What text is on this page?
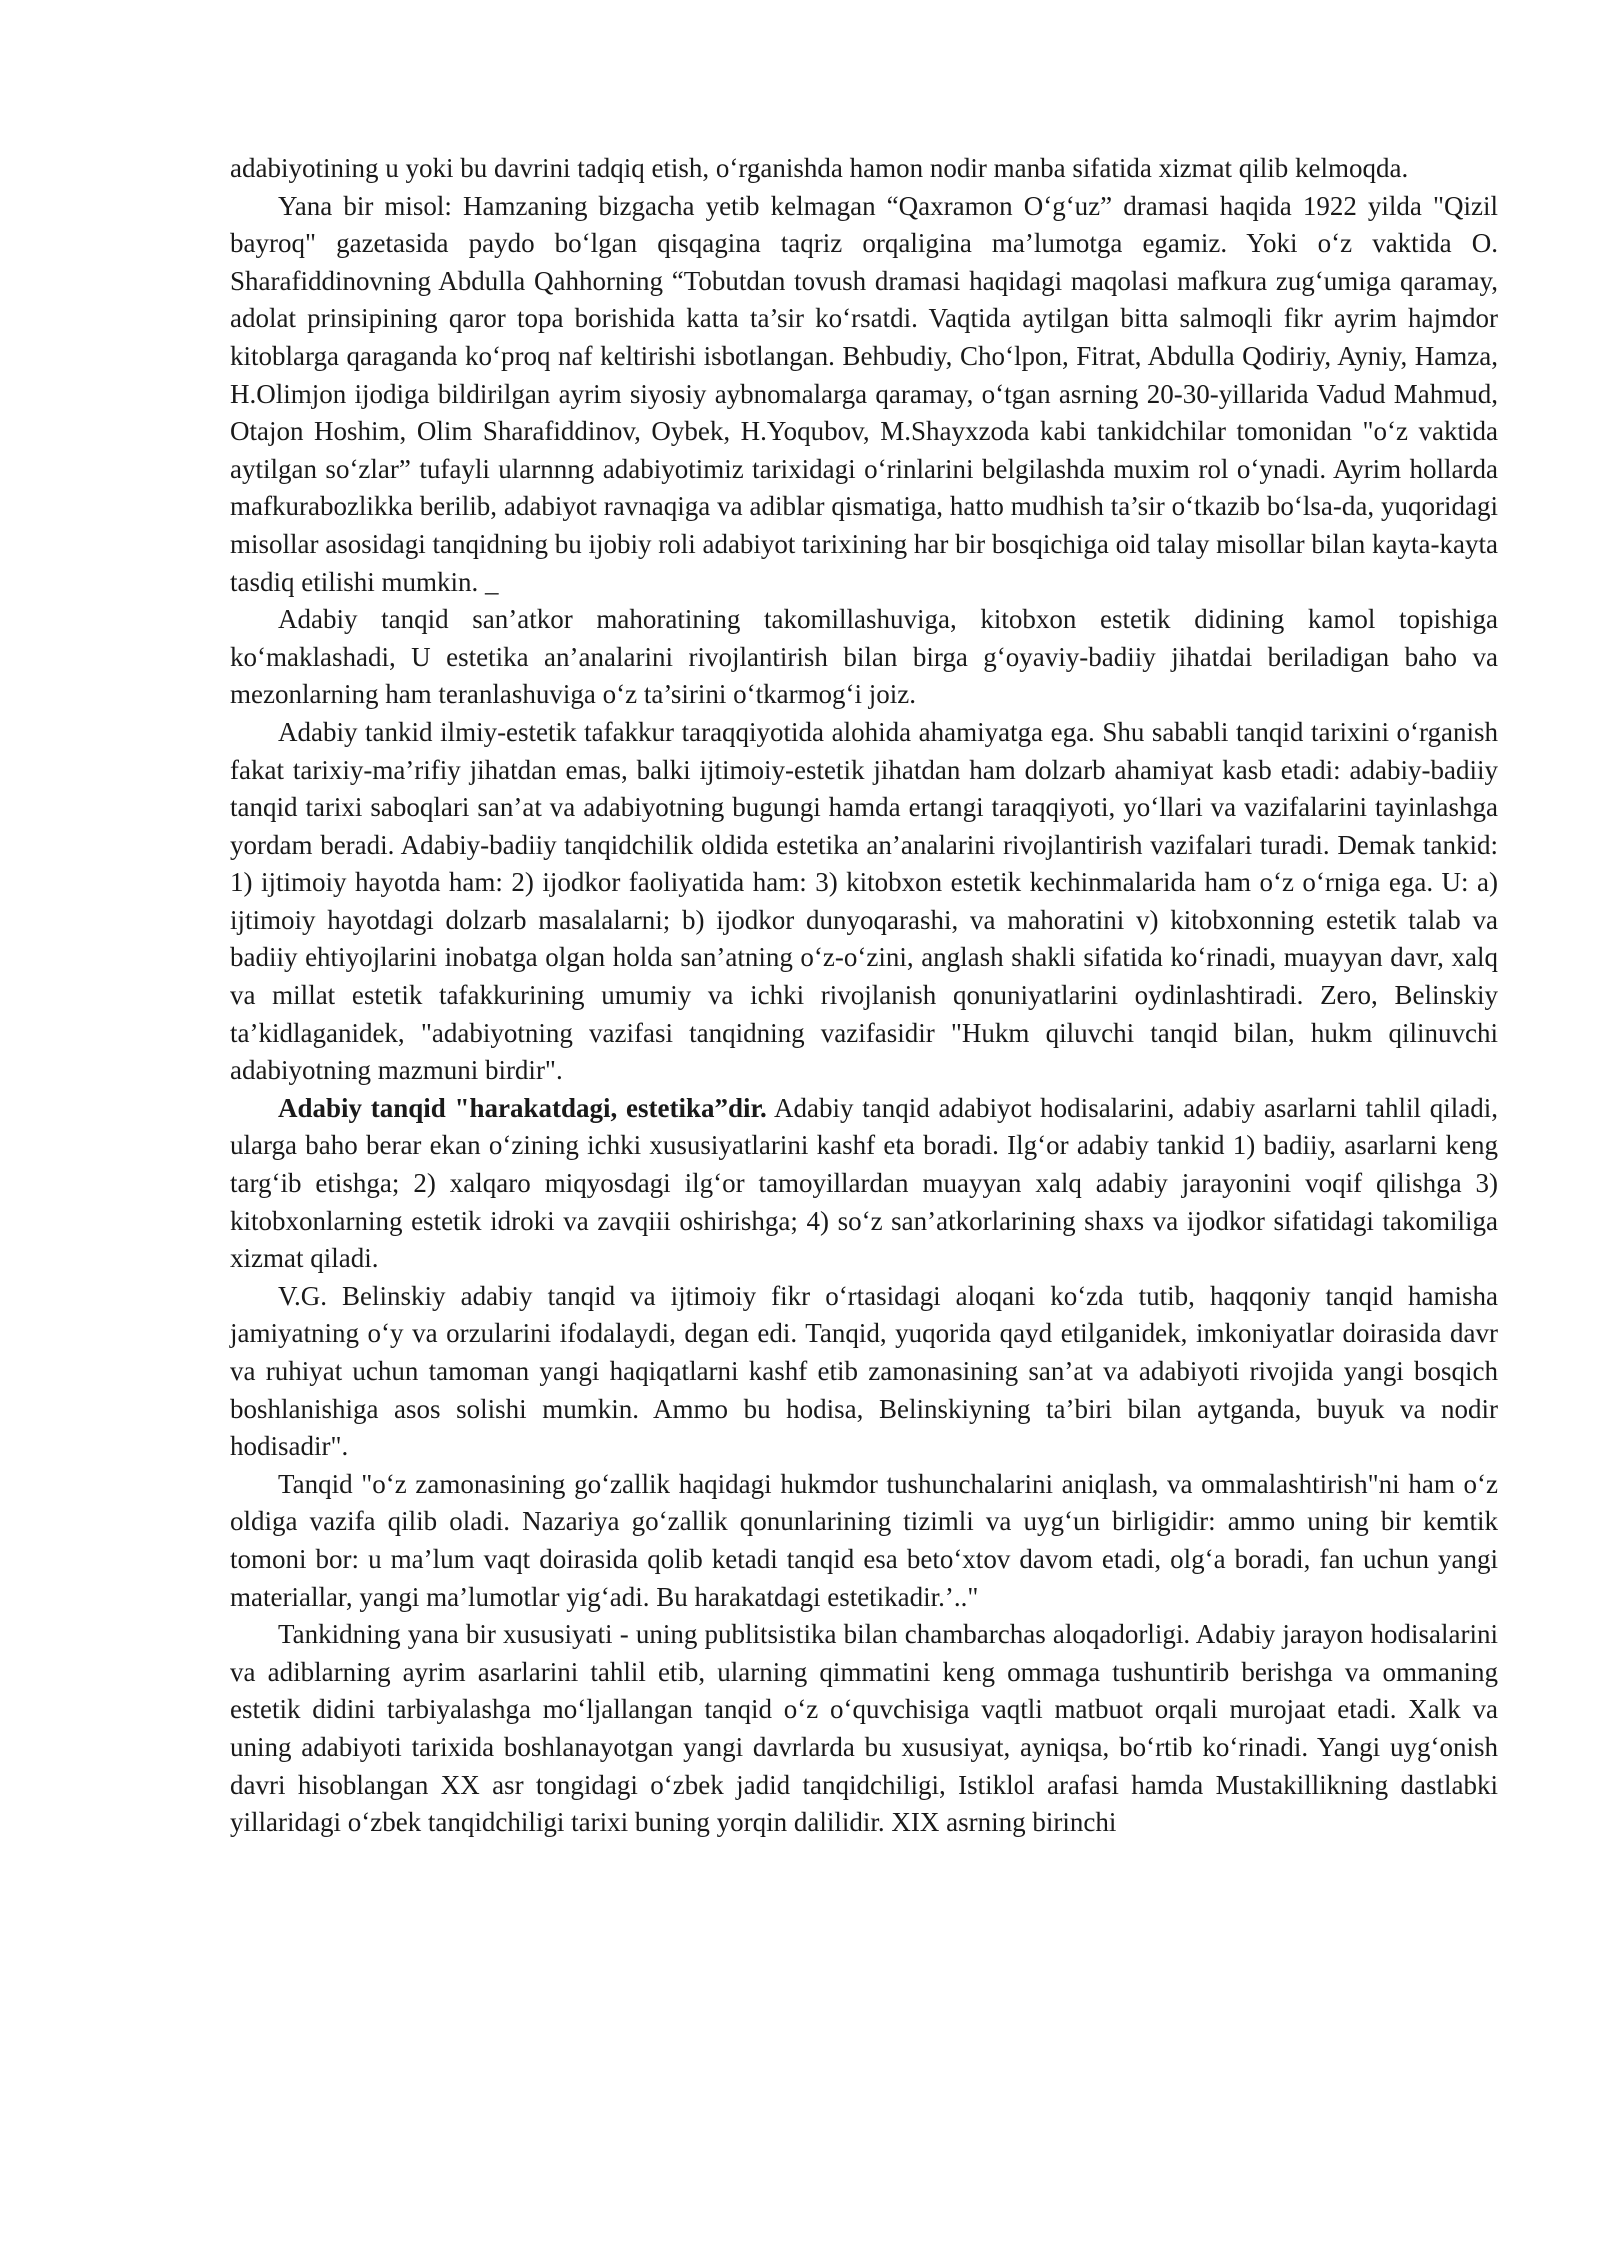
adabiyotining u yoki bu davrini tadqiq etish, o‘rganishda hamon nodir manba sifatida xizmat qilib kelmoqda.

Yana bir misol: Hamzaning bizgacha yetib kelmagan “Qaxramon O‘g‘uz” dramasi haqida 1922 yilda "Qizil bayroq" gazetasida paydo bo‘lgan qisqagina taqriz orqaligina ma’lumotga egamiz. Yoki o‘z vaktida O. Sharafiddinovning Abdulla Qahhorning “Tobutdan tovush dramasi haqidagi maqolasi mafkura zug‘umiga qaramay, adolat prinsipining qaror topa borishida katta ta’sir ko‘rsatdi. Vaqtida aytilgan bitta salmoqli fikr ayrim hajmdor kitoblarga qaraganda ko‘proq naf keltirishi isbotlangan. Behbudiy, Cho‘lpon, Fitrat, Abdulla Qodiriy, Ayniy, Hamza, H.Olimjon ijodiga bildirilgan ayrim siyosiy aybnomalarga qaramay, o‘tgan asrning 20-30-yillarida Vadud Mahmud, Otajon Hoshim, Olim Sharafiddinov, Oybek, H.Yoqubov, M.Shayxzoda kabi tankidchilar tomonidan "o‘z vaktida aytilgan so‘zlar” tufayli ularnnng adabiyotimiz tarixidagi o‘rinlarini belgilashda muxim rol o‘ynadi. Ayrim hollarda mafkurabozlikka berilib, adabiyot ravnaqiga va adiblar qismatiga, hatto mudhish ta’sir o‘tkazib bo‘lsa-da, yuqoridagi misollar asosidagi tanqidning bu ijobiy roli adabiyot tarixining har bir bosqichiga oid talay misollar bilan kayta-kayta tasdiq etilishi mumkin. _

Adabiy tanqid san’atkor mahoratining takomillashuviga, kitobxon estetik didining kamol topishiga ko‘maklashadi, U estetika an’analarini rivojlantirish bilan birga g‘oyaviy-badiiy jihatdai beriladigan baho va mezonlarning ham teranlashuviga o‘z ta’sirini o‘tkarmog‘i joiz.

Adabiy tankid ilmiy-estetik tafakkur taraqqiyotida alohida ahamiyatga ega. Shu sababli tanqid tarixini o‘rganish fakat tarixiy-ma’rifiy jihatdan emas, balki ijtimoiy-estetik jihatdan ham dolzarb ahamiyat kasb etadi: adabiy-badiiy tanqid tarixi saboqlari san’at va adabiyotning bugungi hamda ertangi taraqqiyoti, yo‘llari va vazifalarini tayinlashga yordam beradi. Adabiy-badiiy tanqidchilik oldida estetika an’analarini rivojlantirish vazifalari turadi. Demak tankid: 1) ijtimoiy hayotda ham: 2) ijodkor faoliyatida ham: 3) kitobxon estetik kechinmalarida ham o‘z o‘rniga ega. U: a) ijtimoiy hayotdagi dolzarb masalalarni; b) ijodkor dunyoqarashi, va mahoratini v) kitobxonning estetik talab va badiiy ehtiyojlarini inobatga olgan holda san’atning o‘z-o‘zini, anglash shakli sifatida ko‘rinadi, muayyan davr, xalq va millat estetik tafakkurining umumiy va ichki rivojlanish qonuniyatlarini oydinlashtiradi. Zero, Belinskiy ta’kidlaganidek, "adabiyotning vazifasi tanqidning vazifasidir "Hukm qiluvchi tanqid bilan, hukm qilinuvchi adabiyotning mazmuni birdir".

Adabiy tanqid "harakatdagi, estetika”dir. Adabiy tanqid adabiyot hodisalarini, adabiy asarlarni tahlil qiladi, ularga baho berar ekan o‘zining ichki xususiyatlarini kashf eta boradi. Ilg‘or adabiy tankid 1) badiiy, asarlarni keng targ‘ib etishga; 2) xalqaro miqyosdagi ilg‘or tamoyillardan muayyan xalq adabiy jarayonini voqif qilishga 3) kitobxonlarning estetik idroki va zavqiii oshirishga; 4) so‘z san’atkorlarining shaxs va ijodkor sifatidagi takomiliga xizmat qiladi.

V.G. Belinskiy adabiy tanqid va ijtimoiy fikr o‘rtasidagi aloqani ko‘zda tutib, haqqoniy tanqid hamisha jamiyatning o‘y va orzularini ifodalaydi, degan edi. Tanqid, yuqorida qayd etilganidek, imkoniyatlar doirasida davr va ruhiyat uchun tamoman yangi haqiqatlarni kashf etib zamonasining san’at va adabiyoti rivojida yangi bosqich boshlanishiga asos solishi mumkin. Ammo bu hodisa, Belinskiyning ta’biri bilan aytganda, buyuk va nodir hodisadir".

Tanqid "o‘z zamonasining go‘zallik haqidagi hukmdor tushunchalarini aniqlash, va ommalashtirish"ni ham o‘z oldiga vazifa qilib oladi. Nazariya go‘zallik qonunlarining tizimli va uyg‘un birligidir: ammo uning bir kemtik tomoni bor: u ma’lum vaqt doirasida qolib ketadi tanqid esa beto‘xtov davom etadi, olg‘a boradi, fan uchun yangi materiallar, yangi ma’lumotlar yig‘adi. Bu harakatdagi estetikadir.’.."

Tankidning yana bir xususiyati - uning publitsistika bilan chambarchas aloqadorligi. Adabiy jarayon hodisalarini va adiblarning ayrim asarlarini tahlil etib, ularning qimmatini keng ommaga tushuntirib berishga va ommaning estetik didini tarbiyalashga mo‘ljallangan tanqid o‘z o‘quvchisiga vaqtli matbuot orqali murojaat etadi. Xalk va uning adabiyoti tarixida boshlanayotgan yangi davrlarda bu xususiyat, ayniqsa, bo‘rtib ko‘rinadi. Yangi uyg‘onish davri hisoblangan XX asr tongidagi o‘zbek jadid tanqidchiligi, Istiklol arafasi hamda Mustakillikning dastlabki yillaridagi o‘zbek tanqidchiligi tarixi buning yorqin dalilidir. XIX asrning birinchi
